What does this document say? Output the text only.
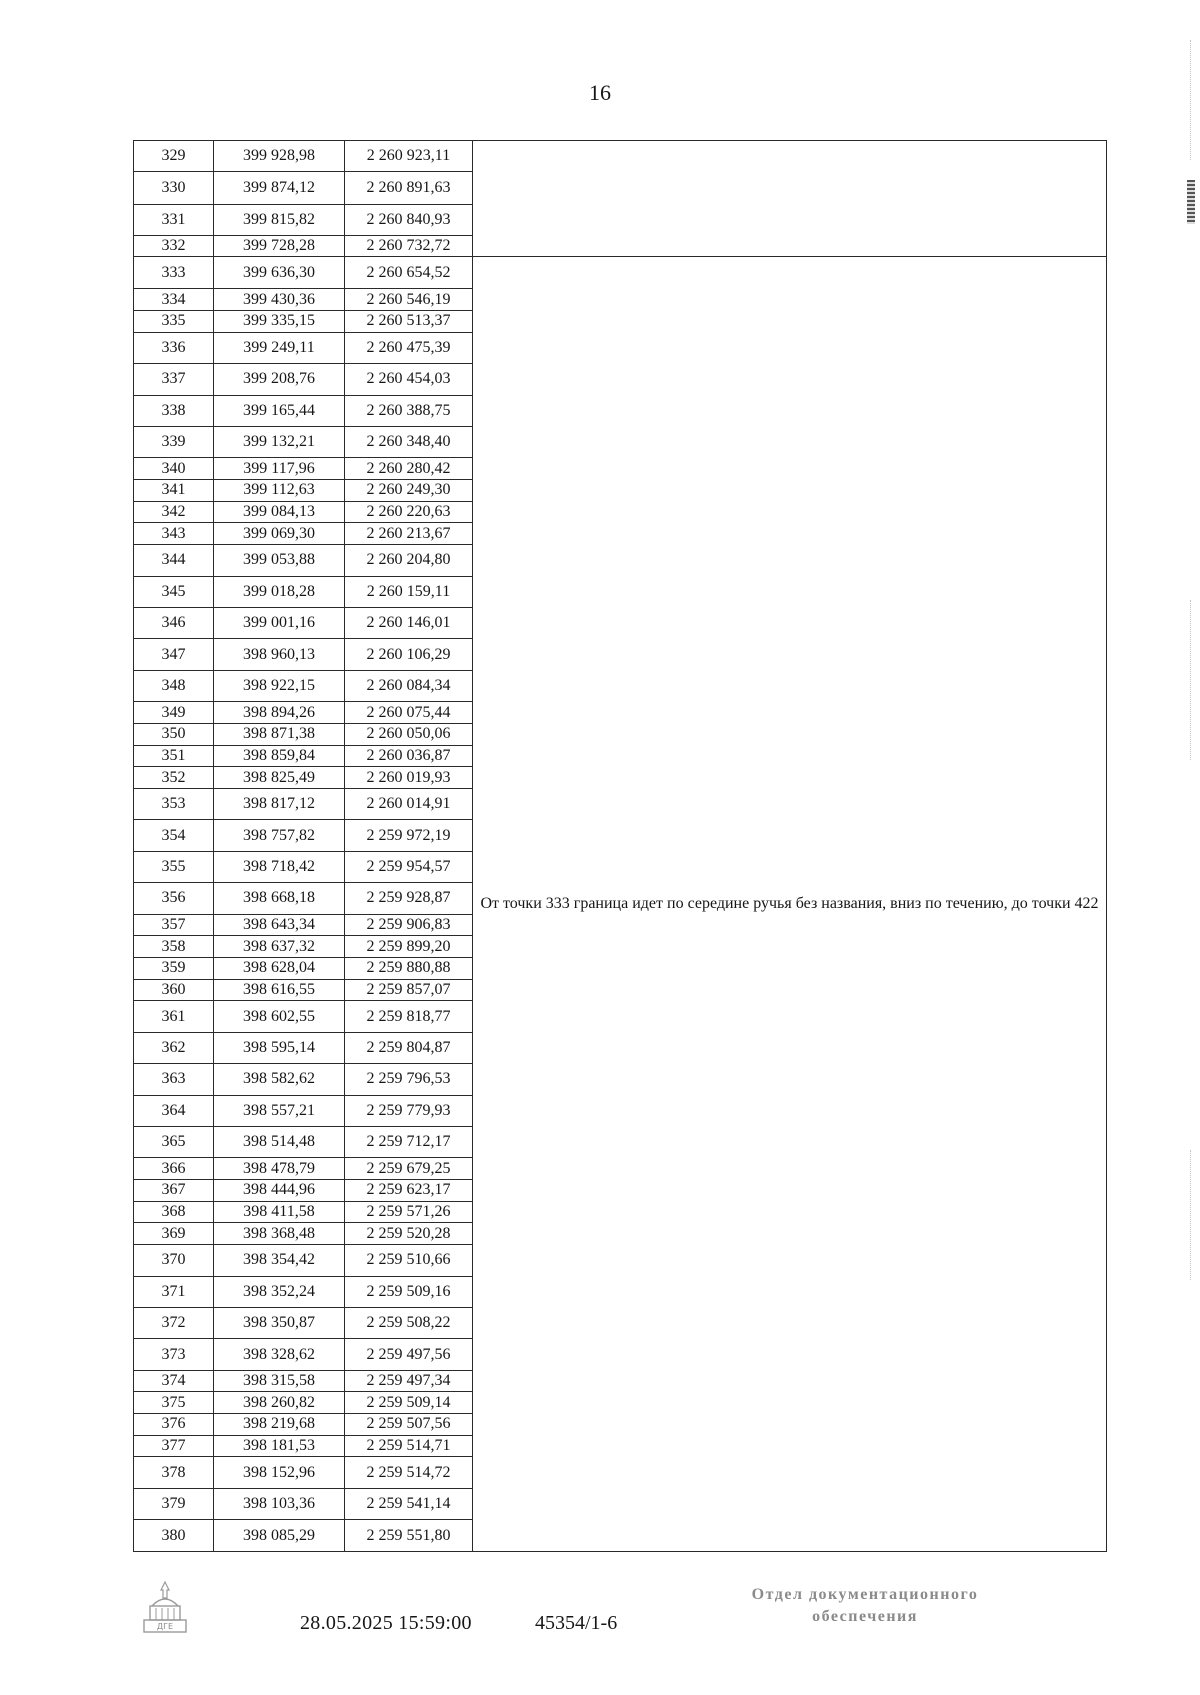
16
329	399 928,98	2 260 923,11	
330	399 874,12	2 260 891,63	
331	399 815,82	2 260 840,93	
332	399 728,28	2 260 732,72	
333	399 636,30	2 260 654,52	От точки 333 граница идет по середине ручья без названия, вниз по течению, до точки 422
334	399 430,36	2 260 546,19	
335	399 335,15	2 260 513,37	
336	399 249,11	2 260 475,39	
337	399 208,76	2 260 454,03	
338	399 165,44	2 260 388,75	
339	399 132,21	2 260 348,40	
340	399 117,96	2 260 280,42	
341	399 112,63	2 260 249,30	
342	399 084,13	2 260 220,63	
343	399 069,30	2 260 213,67	
344	399 053,88	2 260 204,80	
345	399 018,28	2 260 159,11	
346	399 001,16	2 260 146,01	
347	398 960,13	2 260 106,29	
348	398 922,15	2 260 084,34	
349	398 894,26	2 260 075,44	
350	398 871,38	2 260 050,06	
351	398 859,84	2 260 036,87	
352	398 825,49	2 260 019,93	
353	398 817,12	2 260 014,91	
354	398 757,82	2 259 972,19	
355	398 718,42	2 259 954,57	
356	398 668,18	2 259 928,87	
357	398 643,34	2 259 906,83	
358	398 637,32	2 259 899,20	
359	398 628,04	2 259 880,88	
360	398 616,55	2 259 857,07	
361	398 602,55	2 259 818,77	
362	398 595,14	2 259 804,87	
363	398 582,62	2 259 796,53	
364	398 557,21	2 259 779,93	
365	398 514,48	2 259 712,17	
366	398 478,79	2 259 679,25	
367	398 444,96	2 259 623,17	
368	398 411,58	2 259 571,26	
369	398 368,48	2 259 520,28	
370	398 354,42	2 259 510,66	
371	398 352,24	2 259 509,16	
372	398 350,87	2 259 508,22	
373	398 328,62	2 259 497,56	
374	398 315,58	2 259 497,34	
375	398 260,82	2 259 509,14	
376	398 219,68	2 259 507,56	
377	398 181,53	2 259 514,71	
378	398 152,96	2 259 514,72	
379	398 103,36	2 259 541,14	
380	398 085,29	2 259 551,80	
ДГЕ	28.05.2025 15:59:00	45354/1-6
Отдел документационного
обеспечения
